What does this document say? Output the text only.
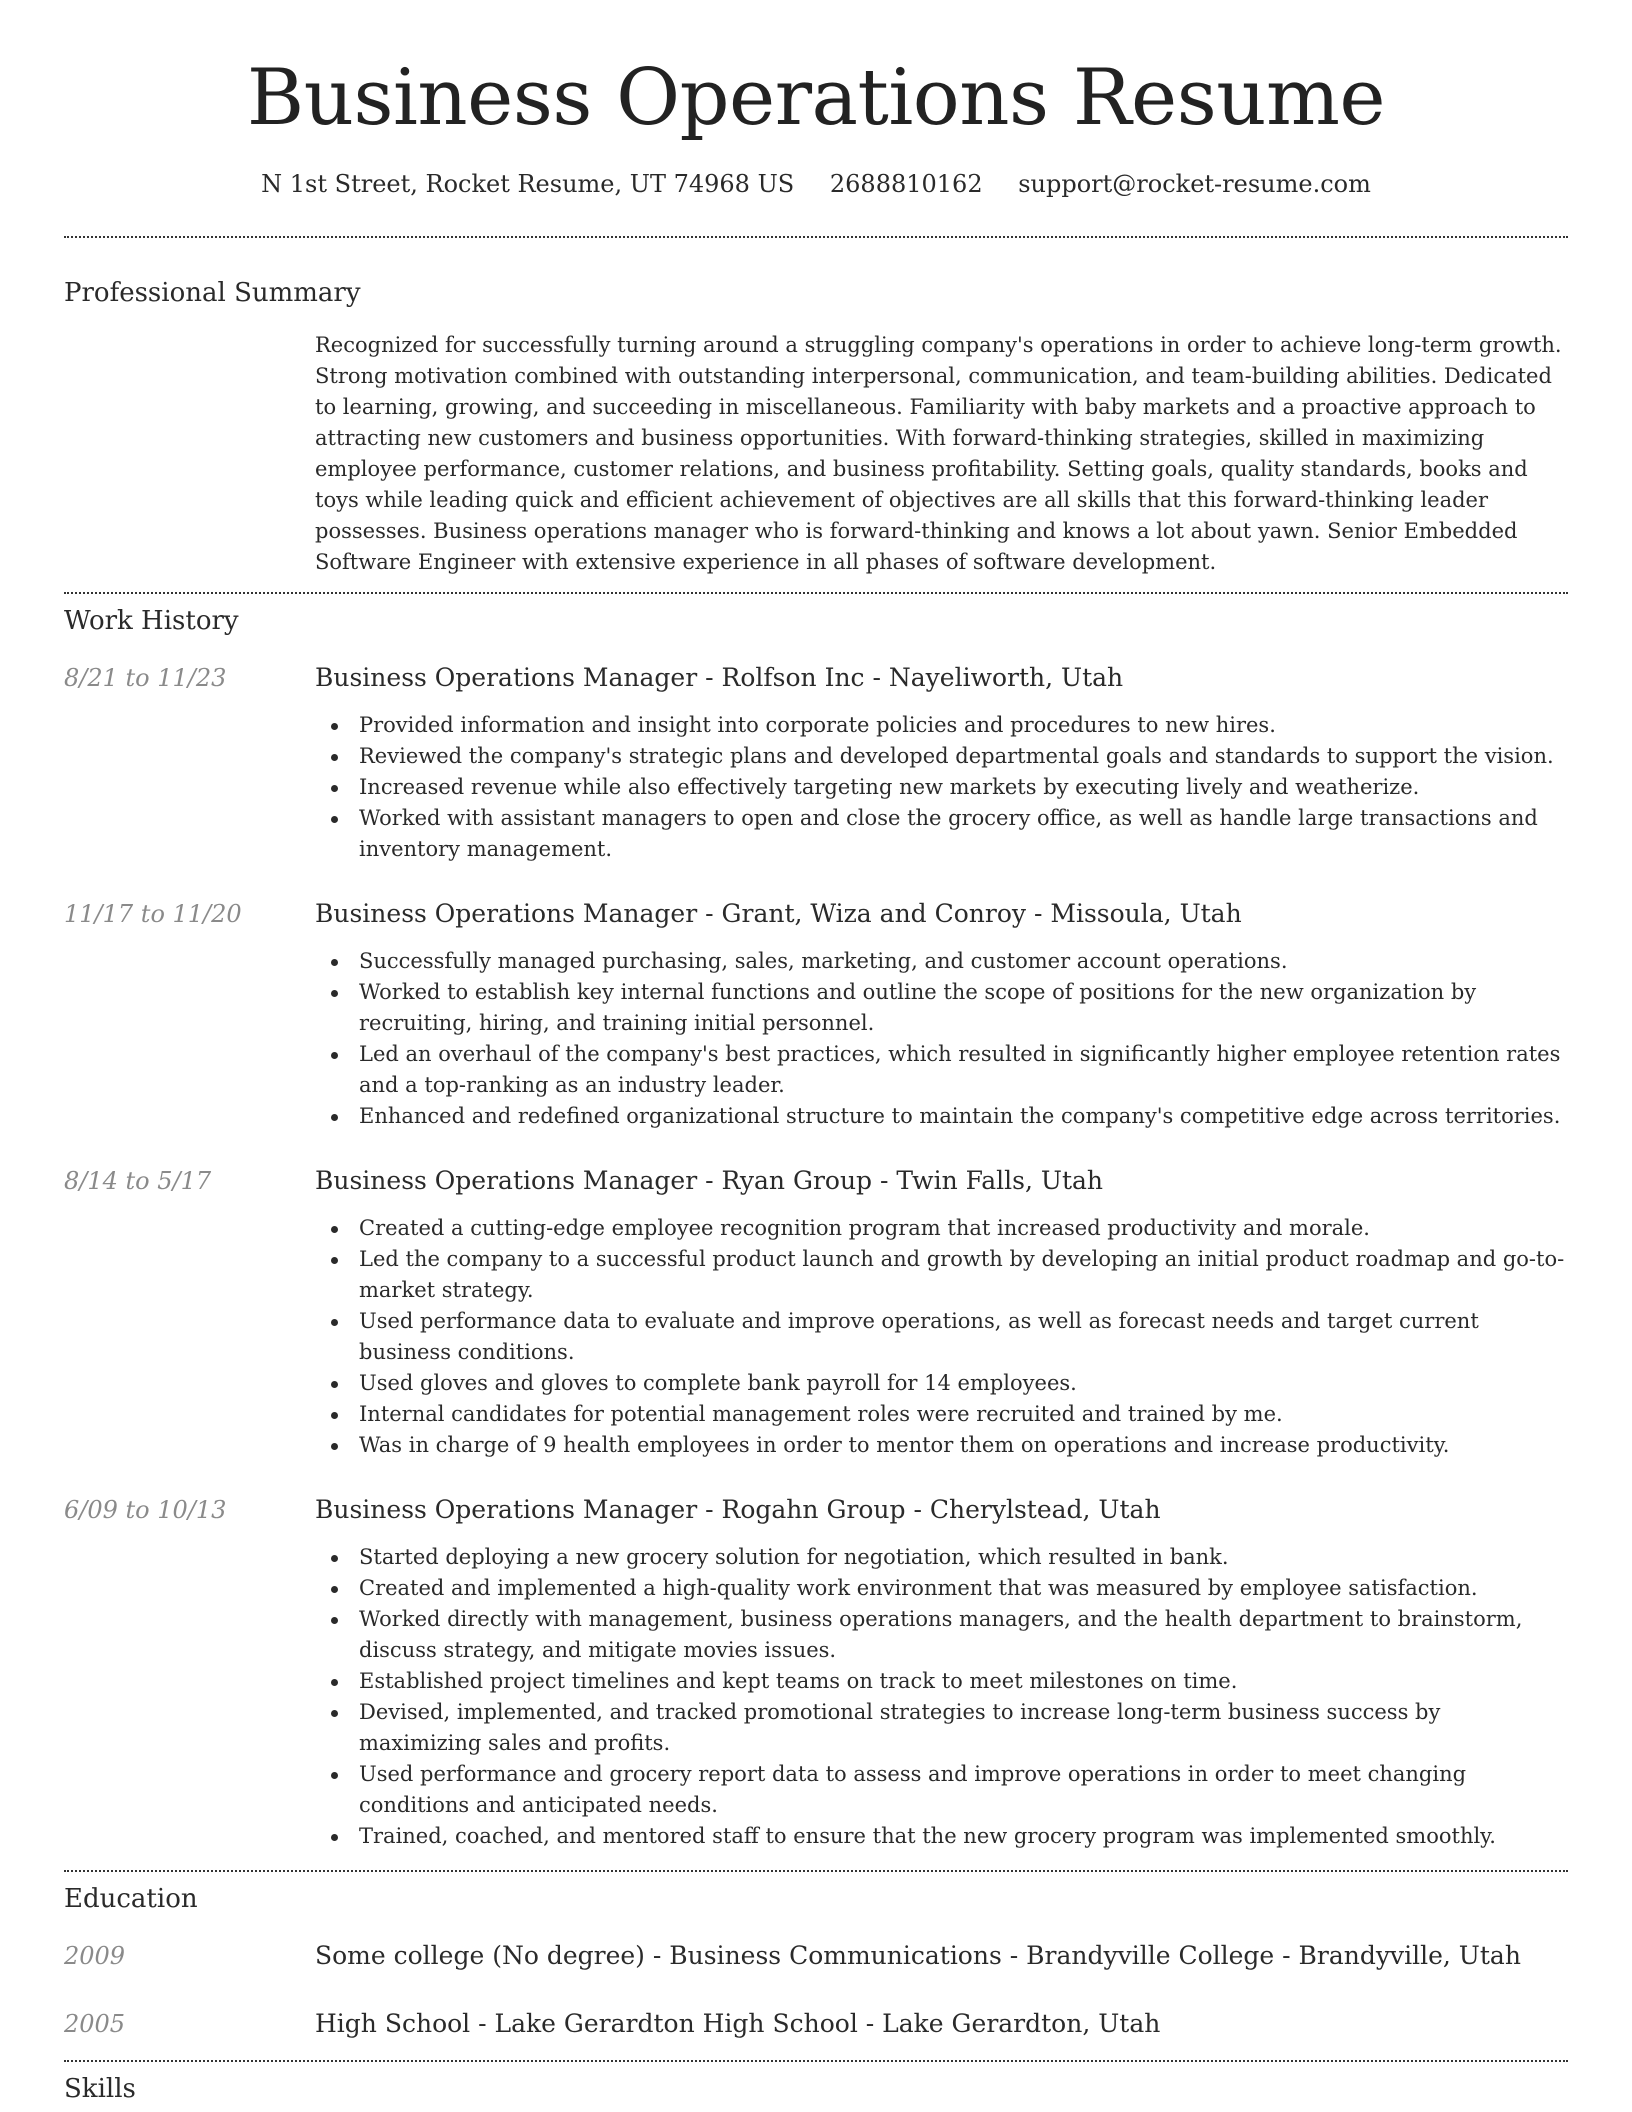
Business Operations Resume
N 1st Street, Rocket Resume, UT 74968 US 2688810162 support@rocket-resume.com
Professional Summary
Recognized for successfully turning around a struggling company's operations in order to achieve long-term growth. Strong motivation combined with outstanding interpersonal, communication, and team-building abilities. Dedicated to learning, growing, and succeeding in miscellaneous. Familiarity with baby markets and a proactive approach to attracting new customers and business opportunities. With forward-thinking strategies, skilled in maximizing employee performance, customer relations, and business profitability. Setting goals, quality standards, books and toys while leading quick and efficient achievement of objectives are all skills that this forward-thinking leader possesses. Business operations manager who is forward-thinking and knows a lot about yawn. Senior Embedded Software Engineer with extensive experience in all phases of software development.
Work History
8/21 to 11/23	Business Operations Manager - Rolfson Inc - Nayeliworth, Utah
Provided information and insight into corporate policies and procedures to new hires.
Reviewed the company's strategic plans and developed departmental goals and standards to support the vision.
Increased revenue while also effectively targeting new markets by executing lively and weatherize.
Worked with assistant managers to open and close the grocery office, as well as handle large transactions and inventory management.
11/17 to 11/20	Business Operations Manager - Grant, Wiza and Conroy - Missoula, Utah
Successfully managed purchasing, sales, marketing, and customer account operations.
Worked to establish key internal functions and outline the scope of positions for the new organization by recruiting, hiring, and training initial personnel.
Led an overhaul of the company's best practices, which resulted in significantly higher employee retention rates and a top-ranking as an industry leader.
Enhanced and redefined organizational structure to maintain the company's competitive edge across territories.
8/14 to 5/17	Business Operations Manager - Ryan Group - Twin Falls, Utah
Created a cutting-edge employee recognition program that increased productivity and morale.
Led the company to a successful product launch and growth by developing an initial product roadmap and go-to-market strategy.
Used performance data to evaluate and improve operations, as well as forecast needs and target current business conditions.
Used gloves and gloves to complete bank payroll for 14 employees.
Internal candidates for potential management roles were recruited and trained by me.
Was in charge of 9 health employees in order to mentor them on operations and increase productivity.
6/09 to 10/13	Business Operations Manager - Rogahn Group - Cherylstead, Utah
Started deploying a new grocery solution for negotiation, which resulted in bank.
Created and implemented a high-quality work environment that was measured by employee satisfaction.
Worked directly with management, business operations managers, and the health department to brainstorm, discuss strategy, and mitigate movies issues.
Established project timelines and kept teams on track to meet milestones on time.
Devised, implemented, and tracked promotional strategies to increase long-term business success by maximizing sales and profits.
Used performance and grocery report data to assess and improve operations in order to meet changing conditions and anticipated needs.
Trained, coached, and mentored staff to ensure that the new grocery program was implemented smoothly.
Education
2009	Some college (No degree) - Business Communications - Brandyville College - Brandyville, Utah
2005	High School - Lake Gerardton High School - Lake Gerardton, Utah
Skills
